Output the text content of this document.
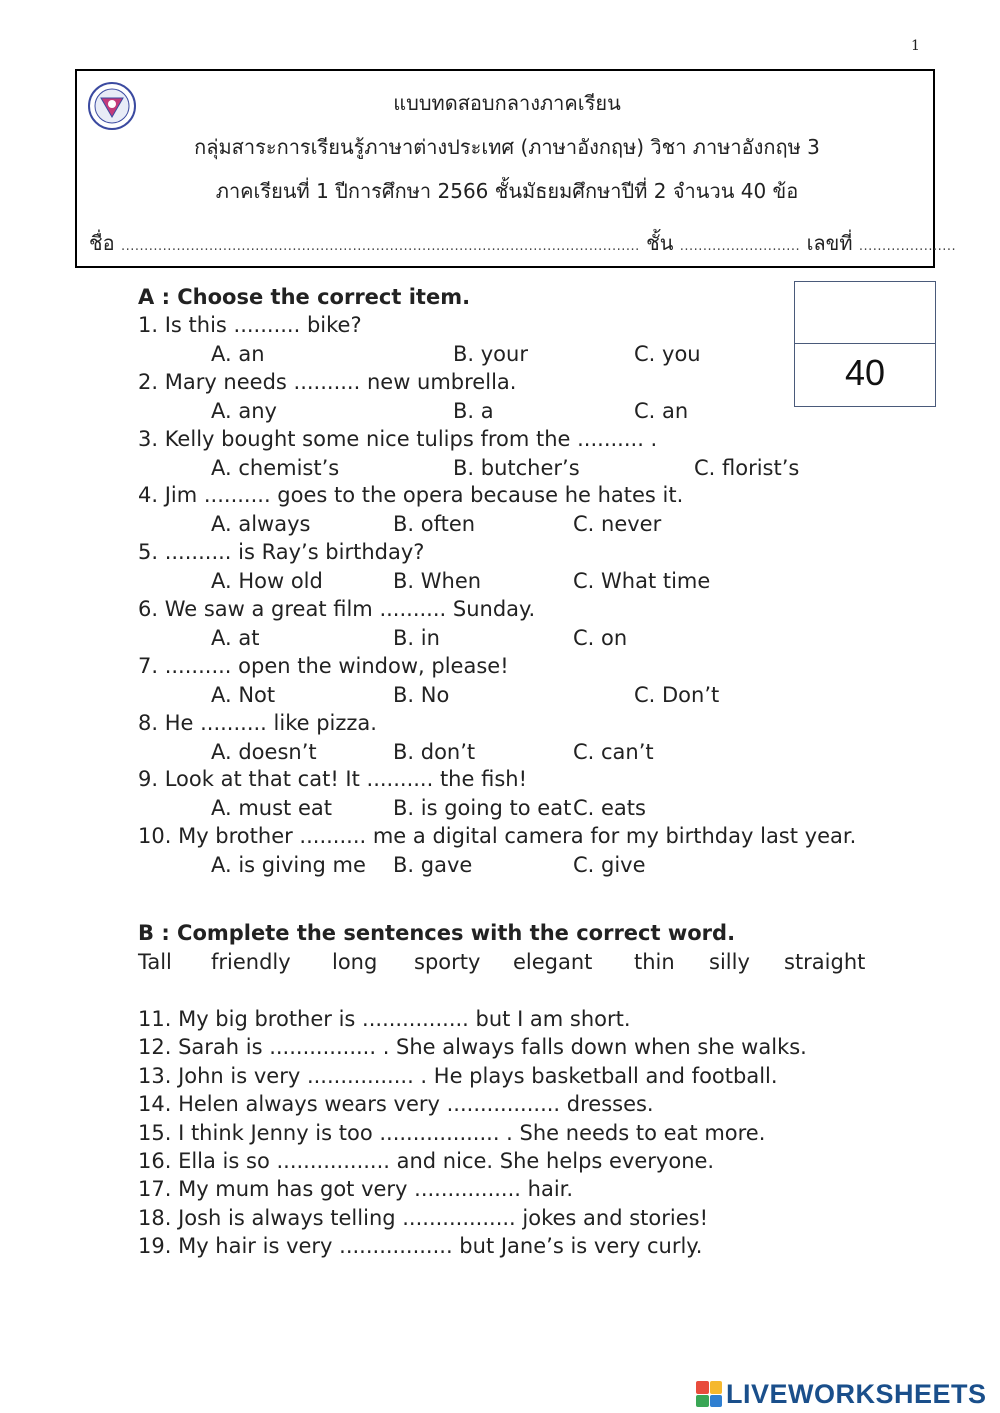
1
แบบทดสอบกลางภาคเรียน
กลุ่มสาระการเรียนรู้ภาษาต่างประเทศ (ภาษาอังกฤษ) วิชา ภาษาอังกฤษ 3
ภาคเรียนที่ 1 ปีการศึกษา 2566 ชั้นมัธยมศึกษาปีที่ 2 จำนวน 40 ข้อ
ชื่อ ................................................................................................................ ชั้น .......................... เลขที่ .....................
40
A : Choose the correct item.
1. Is this .......... bike?
A. an	B. your	C. you
2. Mary needs .......... new umbrella.
A. any	B. a	C. an
3. Kelly bought some nice tulips from the .......... .
A. chemist’s	B. butcher’s	C. florist’s
4. Jim .......... goes to the opera because he hates it.
A. always	B. often	C. never
5. .......... is Ray’s birthday?
A. How old	B. When	C. What time
6. We saw a great film .......... Sunday.
A. at	B. in	C. on
7. .......... open the window, please!
A. Not	B. No	C. Don’t
8. He .......... like pizza.
A. doesn’t	B. don’t	C. can’t
9. Look at that cat! It .......... the fish!
A. must eat	B. is going to eat C. eats
10. My brother .......... me a digital camera for my birthday last year.
A. is giving me B. gave	C. give
B : Complete the sentences with the correct word.
Tall friendly long sporty elegant thin silly straight
11. My big brother is ................ but I am short.
12. Sarah is ................ . She always falls down when she walks.
13. John is very ................ . He plays basketball and football.
14. Helen always wears very ................. dresses.
15. I think Jenny is too .................. . She needs to eat more.
16. Ella is so ................. and nice. She helps everyone.
17. My mum has got very ................ hair.
18. Josh is always telling ................. jokes and stories!
19. My hair is very ................. but Jane’s is very curly.
LIVEWORKSHEETS
